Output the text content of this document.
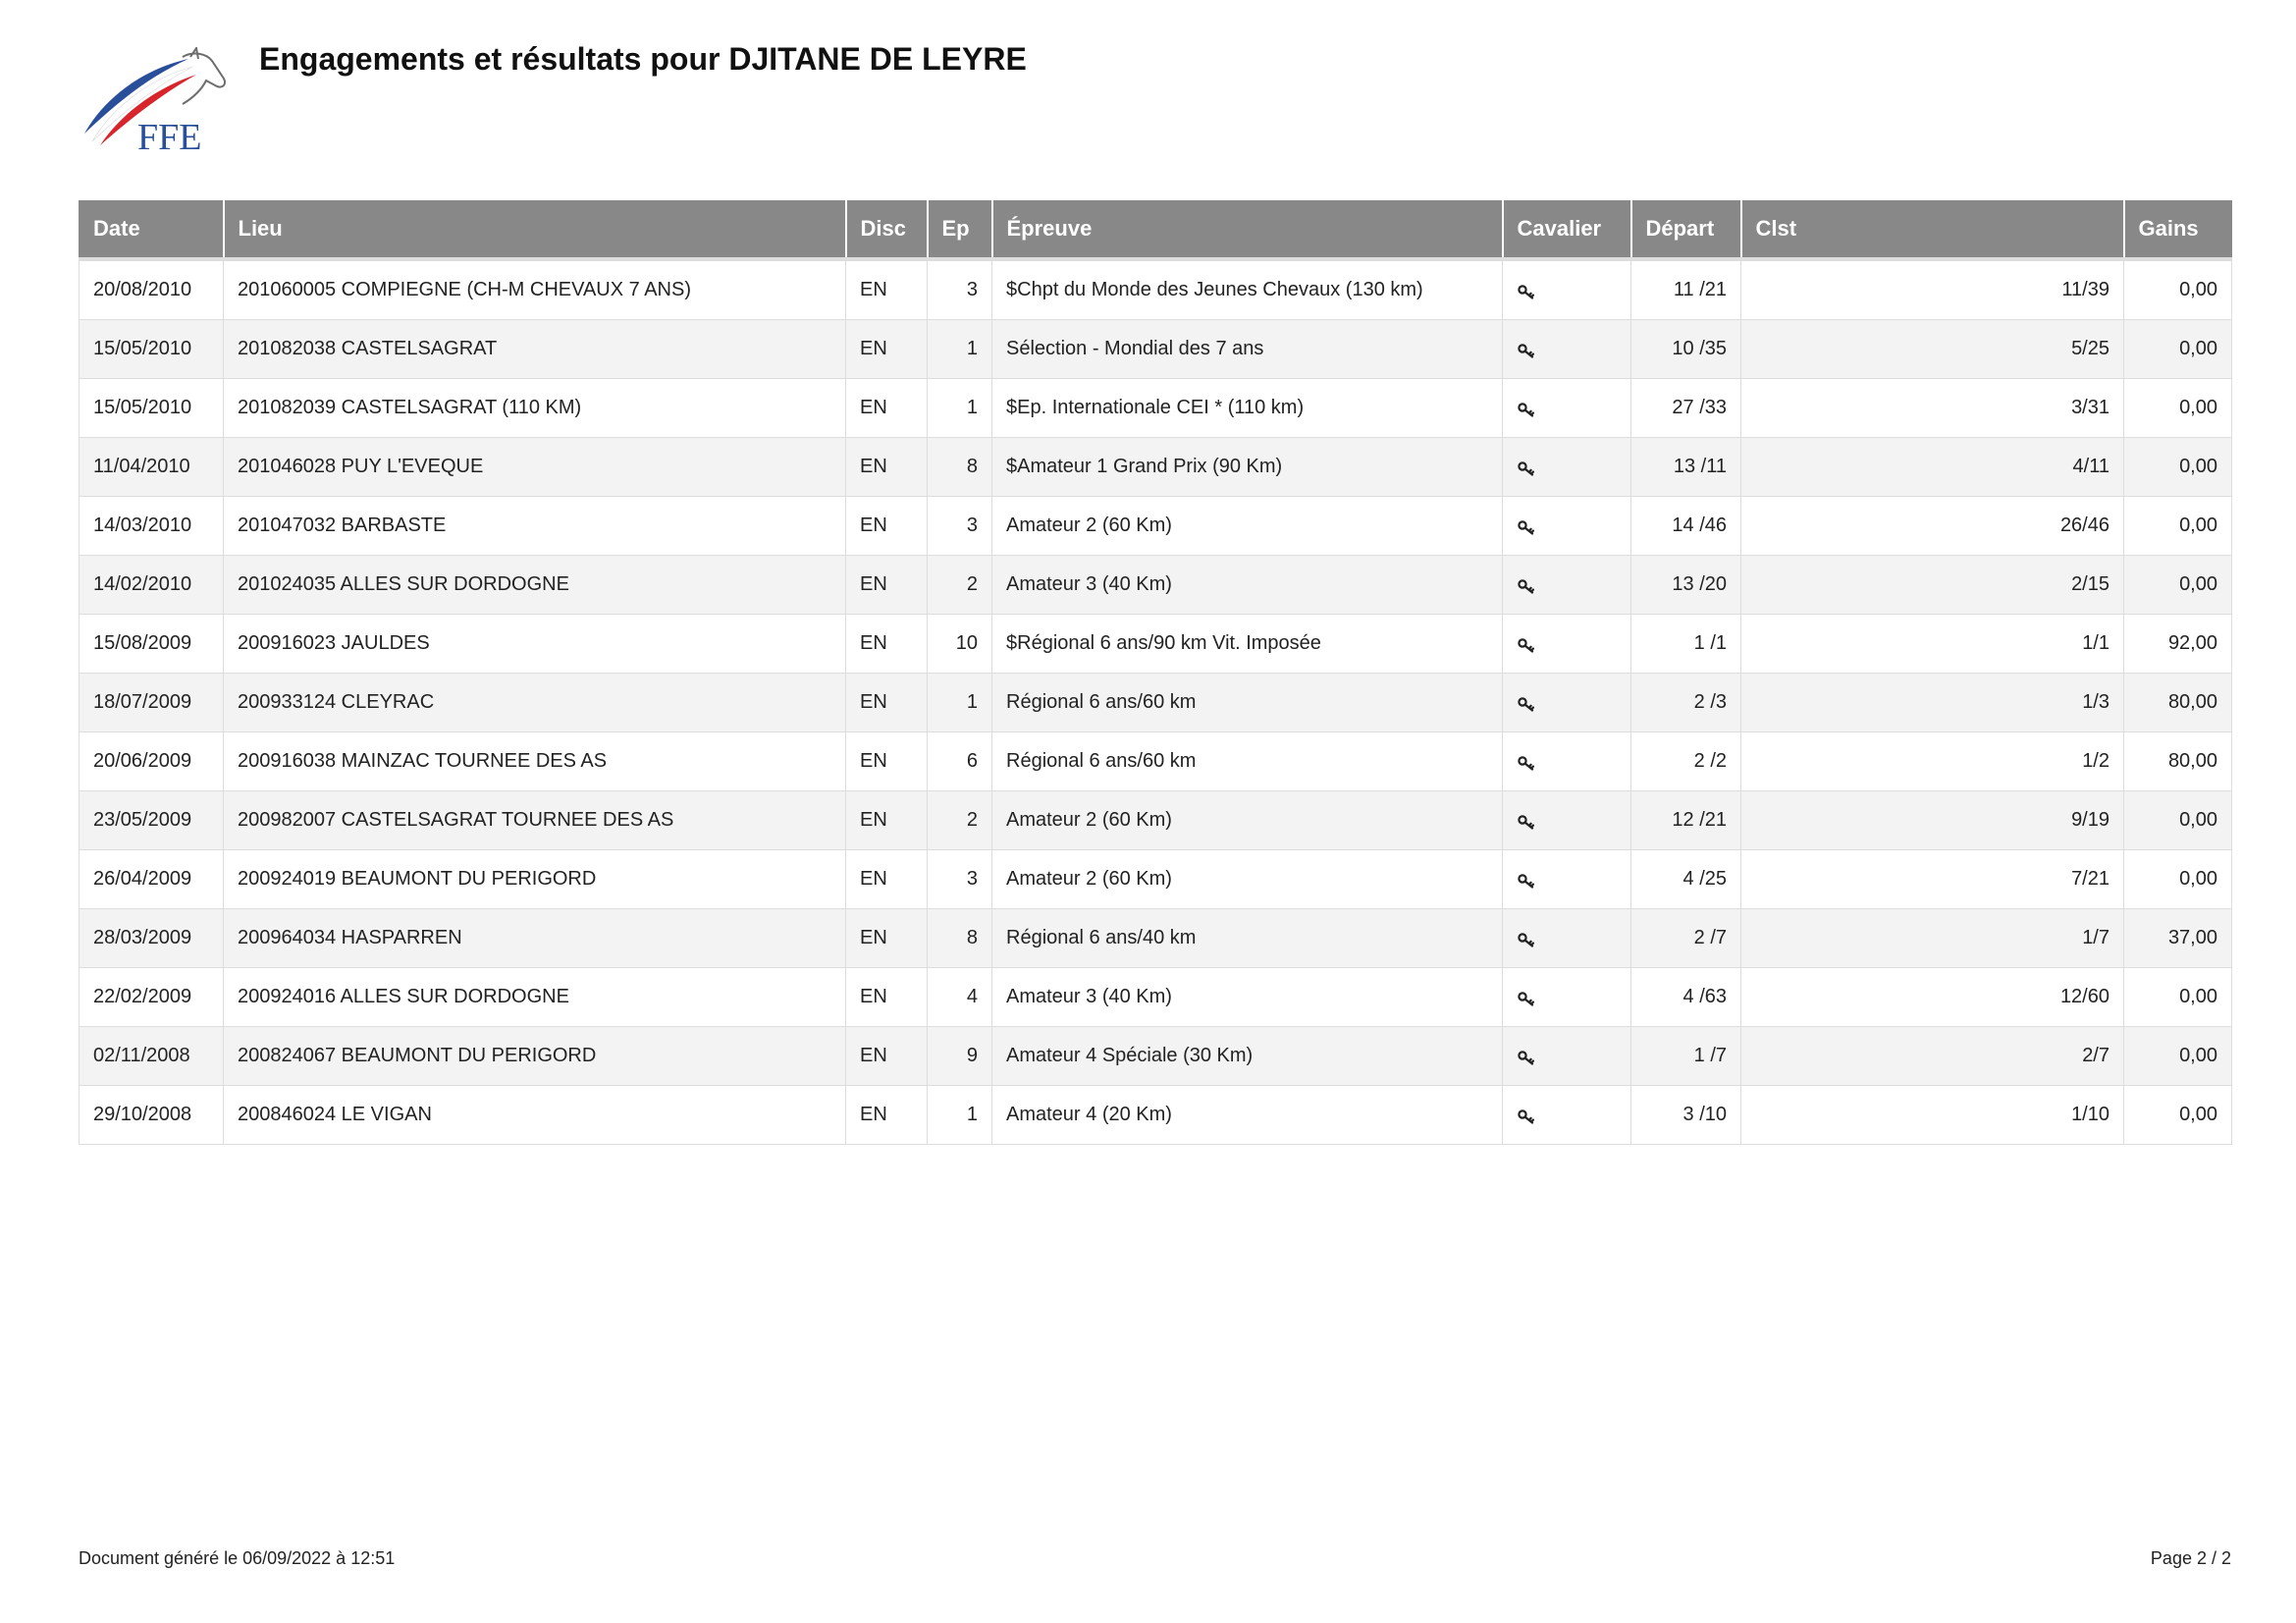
FFE
Engagements et résultats pour DJITANE DE LEYRE
Date	Lieu	Disc	Ep	Épreuve	Cavalier	Départ	Clst	Gains
20/08/2010	201060005 COMPIEGNE (CH-M CHEVAUX 7 ANS)	EN	3	$Chpt du Monde des Jeunes Chevaux (130 km)		11 /21	11/39	0,00
15/05/2010	201082038 CASTELSAGRAT	EN	1	Sélection - Mondial des 7 ans		10 /35	5/25	0,00
15/05/2010	201082039 CASTELSAGRAT (110 KM)	EN	1	$Ep. Internationale CEI * (110 km)		27 /33	3/31	0,00
11/04/2010	201046028 PUY L'EVEQUE	EN	8	$Amateur 1 Grand Prix (90 Km)		13 /11	4/11	0,00
14/03/2010	201047032 BARBASTE	EN	3	Amateur 2 (60 Km)		14 /46	26/46	0,00
14/02/2010	201024035 ALLES SUR DORDOGNE	EN	2	Amateur 3 (40 Km)		13 /20	2/15	0,00
15/08/2009	200916023 JAULDES	EN	10	$Régional 6 ans/90 km Vit. Imposée		1 /1	1/1	92,00
18/07/2009	200933124 CLEYRAC	EN	1	Régional 6 ans/60 km		2 /3	1/3	80,00
20/06/2009	200916038 MAINZAC TOURNEE DES AS	EN	6	Régional 6 ans/60 km		2 /2	1/2	80,00
23/05/2009	200982007 CASTELSAGRAT TOURNEE DES AS	EN	2	Amateur 2 (60 Km)		12 /21	9/19	0,00
26/04/2009	200924019 BEAUMONT DU PERIGORD	EN	3	Amateur 2 (60 Km)		4 /25	7/21	0,00
28/03/2009	200964034 HASPARREN	EN	8	Régional 6 ans/40 km		2 /7	1/7	37,00
22/02/2009	200924016 ALLES SUR DORDOGNE	EN	4	Amateur 3 (40 Km)		4 /63	12/60	0,00
02/11/2008	200824067 BEAUMONT DU PERIGORD	EN	9	Amateur 4 Spéciale (30 Km)		1 /7	2/7	0,00
29/10/2008	200846024 LE VIGAN	EN	1	Amateur 4 (20 Km)		3 /10	1/10	0,00
Document généré le 06/09/2022 à 12:51	Page 2 / 2
